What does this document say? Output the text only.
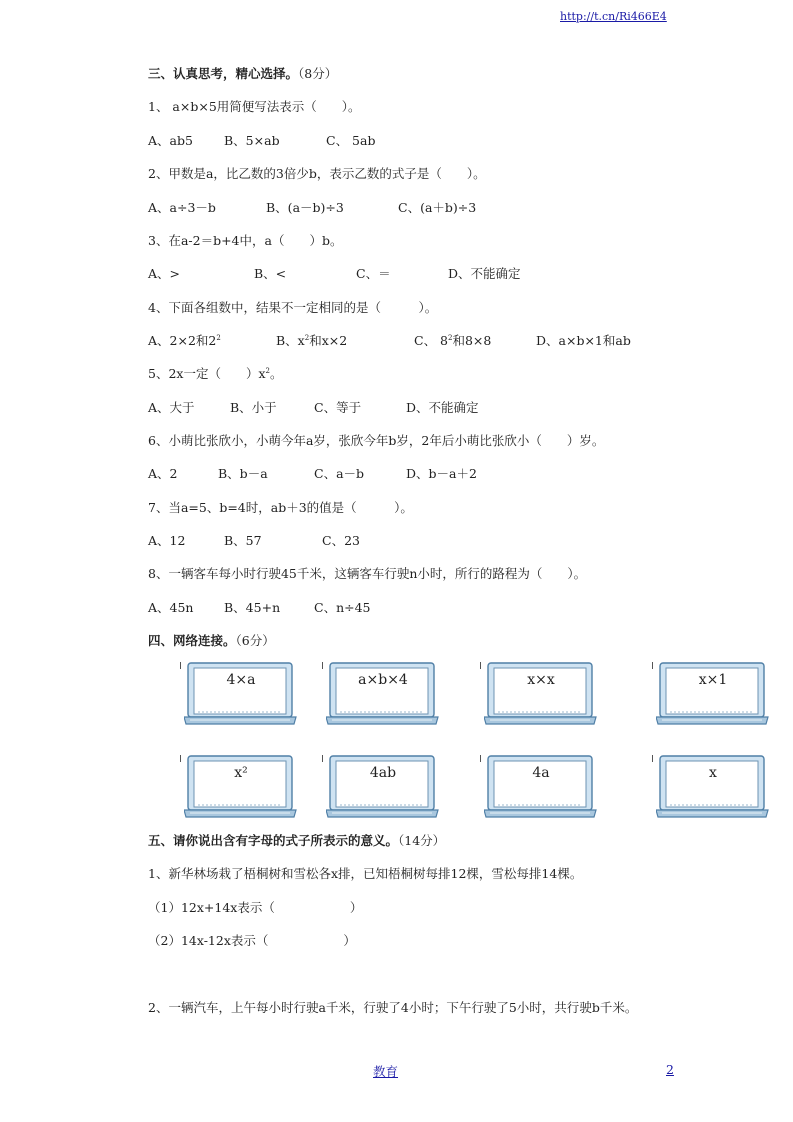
http://t.cn/Ri466E4
三、认真思考，精心选择。（8分）
1、 a×b×5用简便写法表示（　　）。
A、ab5 B、5×ab	C、 5ab
2、甲数是a，比乙数的3倍少b，表示乙数的式子是（　　）。
A、a÷3－b	B、(a－b)÷3	C、(a＋b)÷3
3、在a-2＝b+4中，a（　　）b。
A、>	B、<	C、＝	D、不能确定
4、下面各组数中，结果不一定相同的是（　　　）。
A、2×2和$2^2$	B、$x^2$和x×2	C、 $8^2$和8×8	D、a×b×1和ab
5、2x一定（　　）$x^2$。
A、大于	B、小于	C、等于	D、不能确定
6、小萌比张欣小，小萌今年a岁，张欣今年b岁，2年后小萌比张欣小（　　）岁。
A、2	B、b－a	C、a－b	D、b－a＋2
7、当a=5、b=4时，ab＋3的值是（　　　）。
A、12	B、57	C、23
8、一辆客车每小时行驶45千米，这辆客车行驶n小时，所行的路程为（　　）。
A、45n B、45+n	C、n÷45
四、网络连接。（6分）
4×a	a×b×4	x×x	x×1
x²	4ab	4a	x
五、请你说出含有字母的式子所表示的意义。（14分）
1、新华林场栽了梧桐树和雪松各x排，已知梧桐树每排12棵，雪松每排14棵。
（1）12x+14x表示（　　　　　　）
（2）14x-12x表示（　　　　　　）
2、一辆汽车，上午每小时行驶a千米，行驶了4小时；下午行驶了5小时，共行驶b千米。
教育	2
